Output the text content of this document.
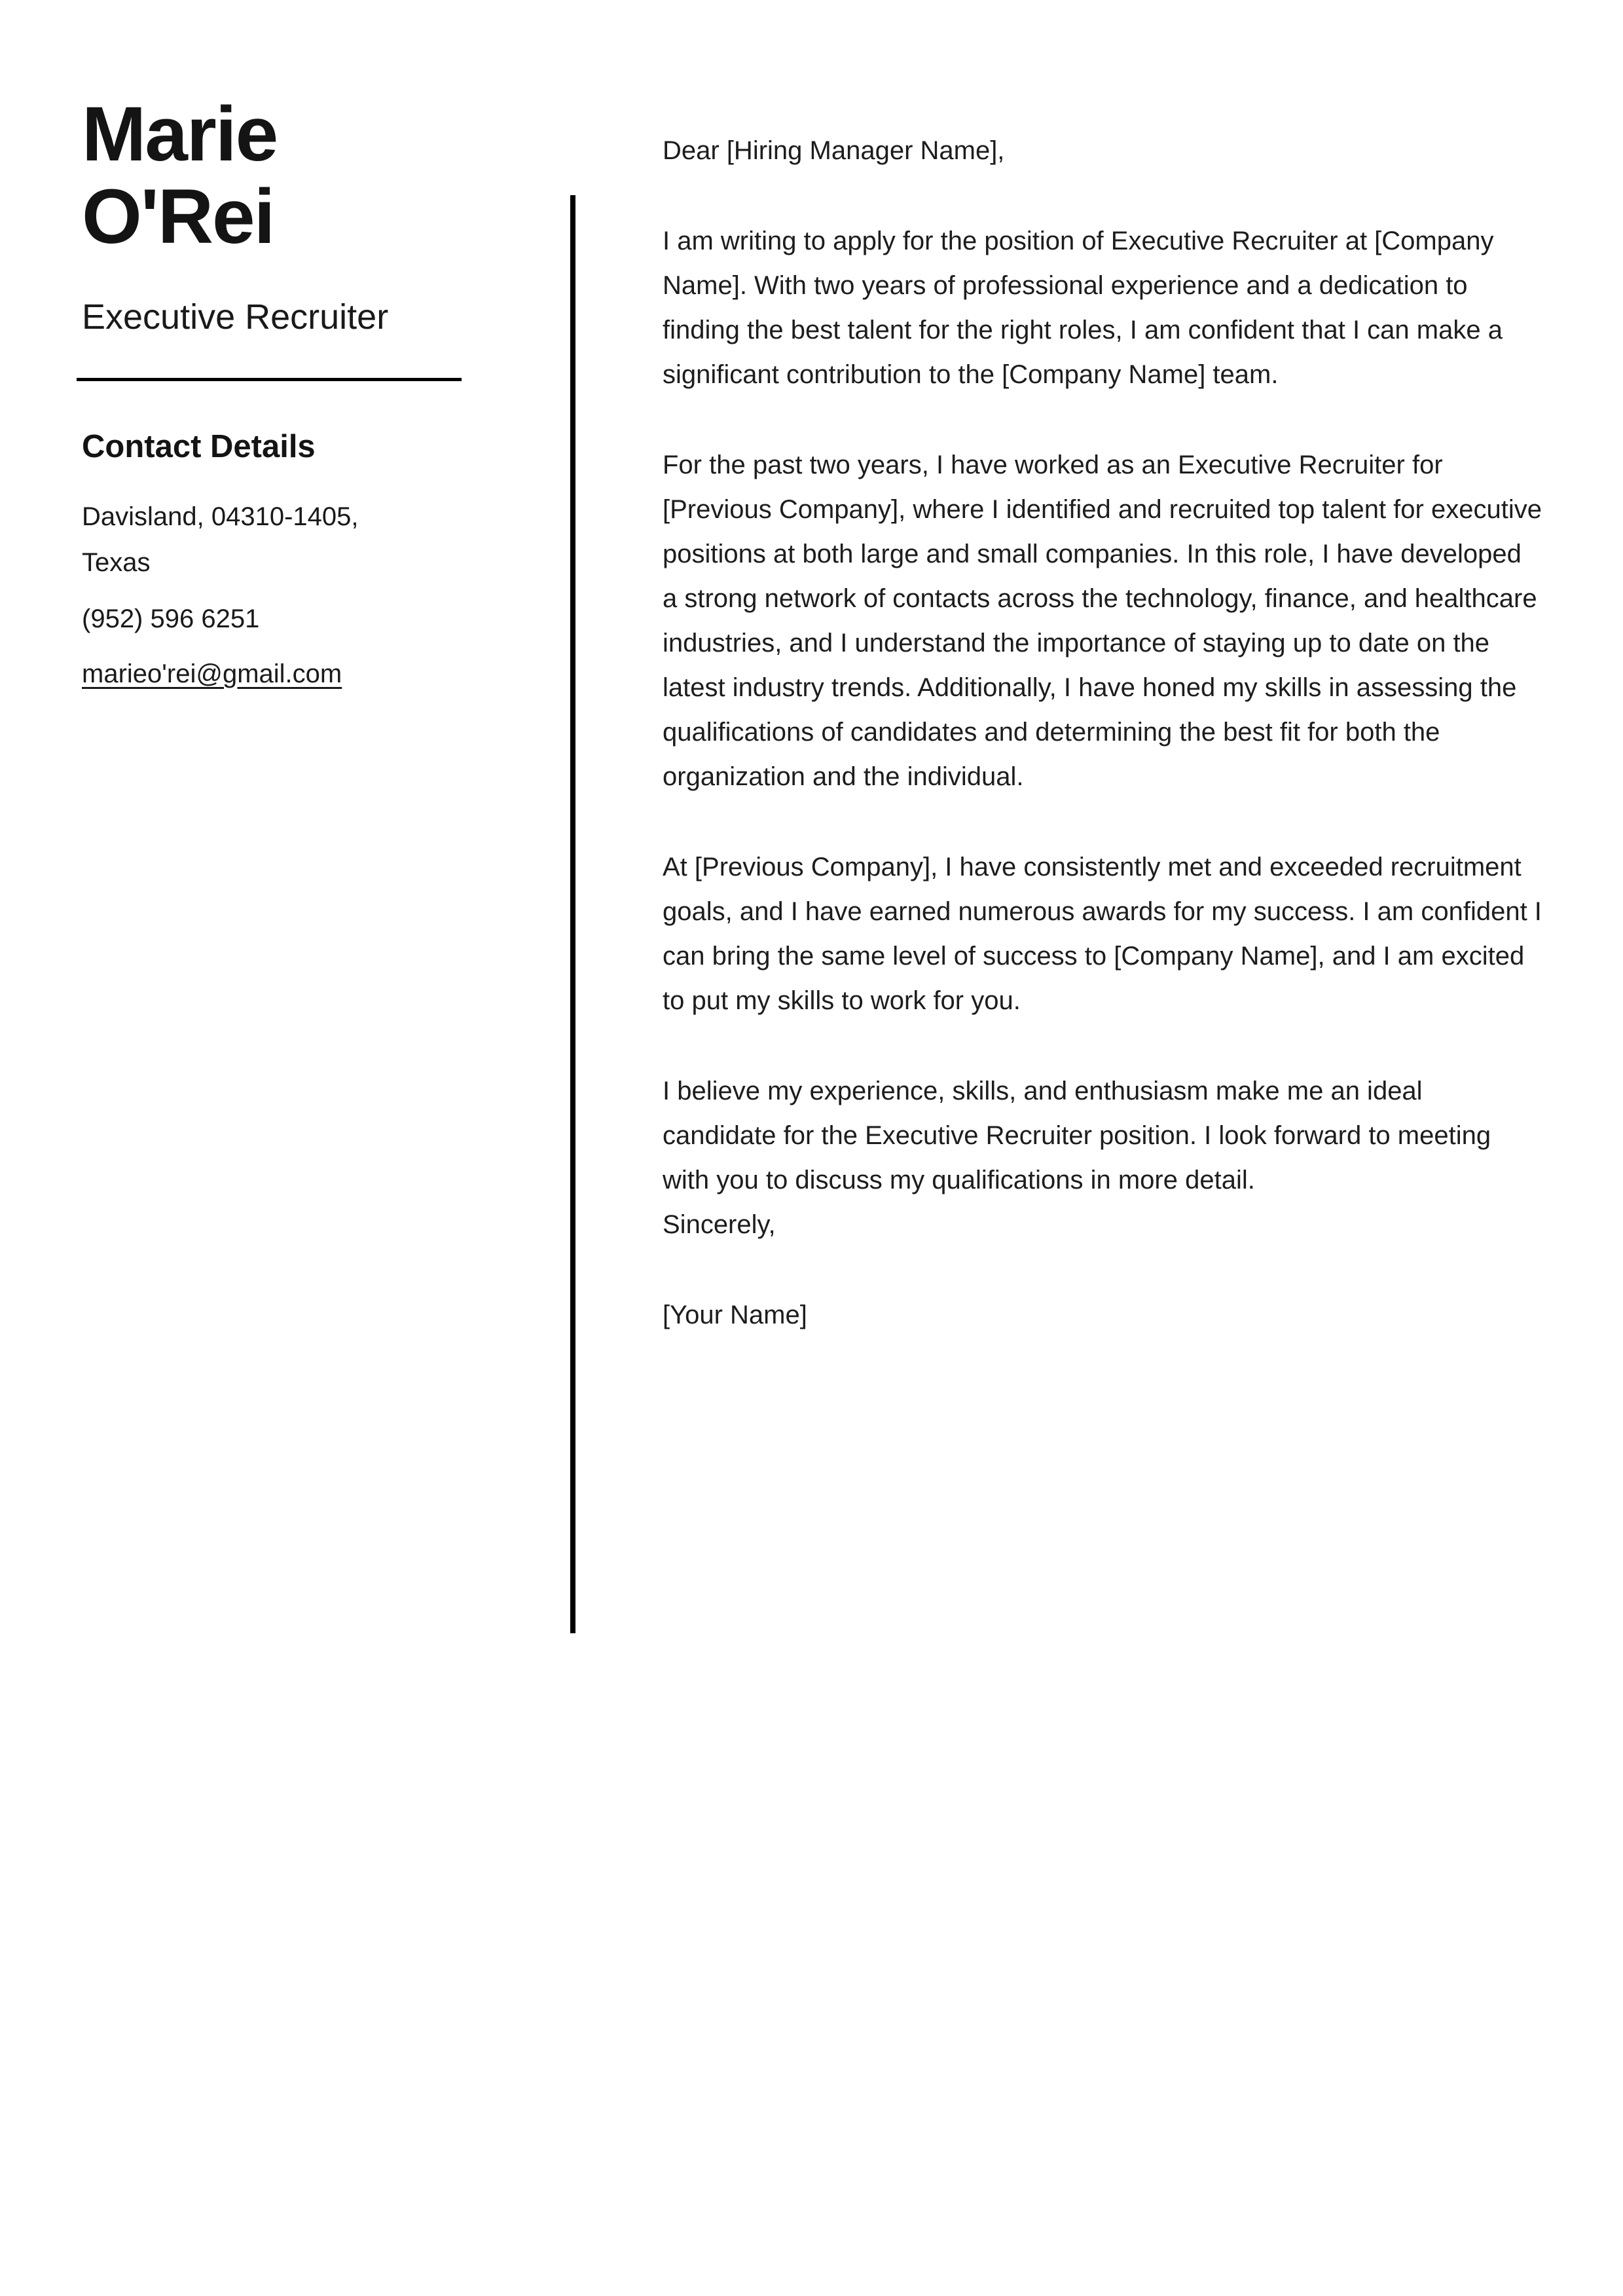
Marie
O'Rei
Executive Recruiter
Contact Details
Davisland, 04310-1405, Texas
(952) 596 6251
marieo'rei@gmail.com

Dear [Hiring Manager Name],

I am writing to apply for the position of Executive Recruiter at [Company Name]. With two years of professional experience and a dedication to finding the best talent for the right roles, I am confident that I can make a significant contribution to the [Company Name] team.

For the past two years, I have worked as an Executive Recruiter for [Previous Company], where I identified and recruited top talent for executive positions at both large and small companies. In this role, I have developed a strong network of contacts across the technology, finance, and healthcare industries, and I understand the importance of staying up to date on the latest industry trends. Additionally, I have honed my skills in assessing the qualifications of candidates and determining the best fit for both the organization and the individual.

At [Previous Company], I have consistently met and exceeded recruitment goals, and I have earned numerous awards for my success. I am confident I can bring the same level of success to [Company Name], and I am excited to put my skills to work for you.

I believe my experience, skills, and enthusiasm make me an ideal candidate for the Executive Recruiter position. I look forward to meeting with you to discuss my qualifications in more detail.

Sincerely,

[Your Name]
